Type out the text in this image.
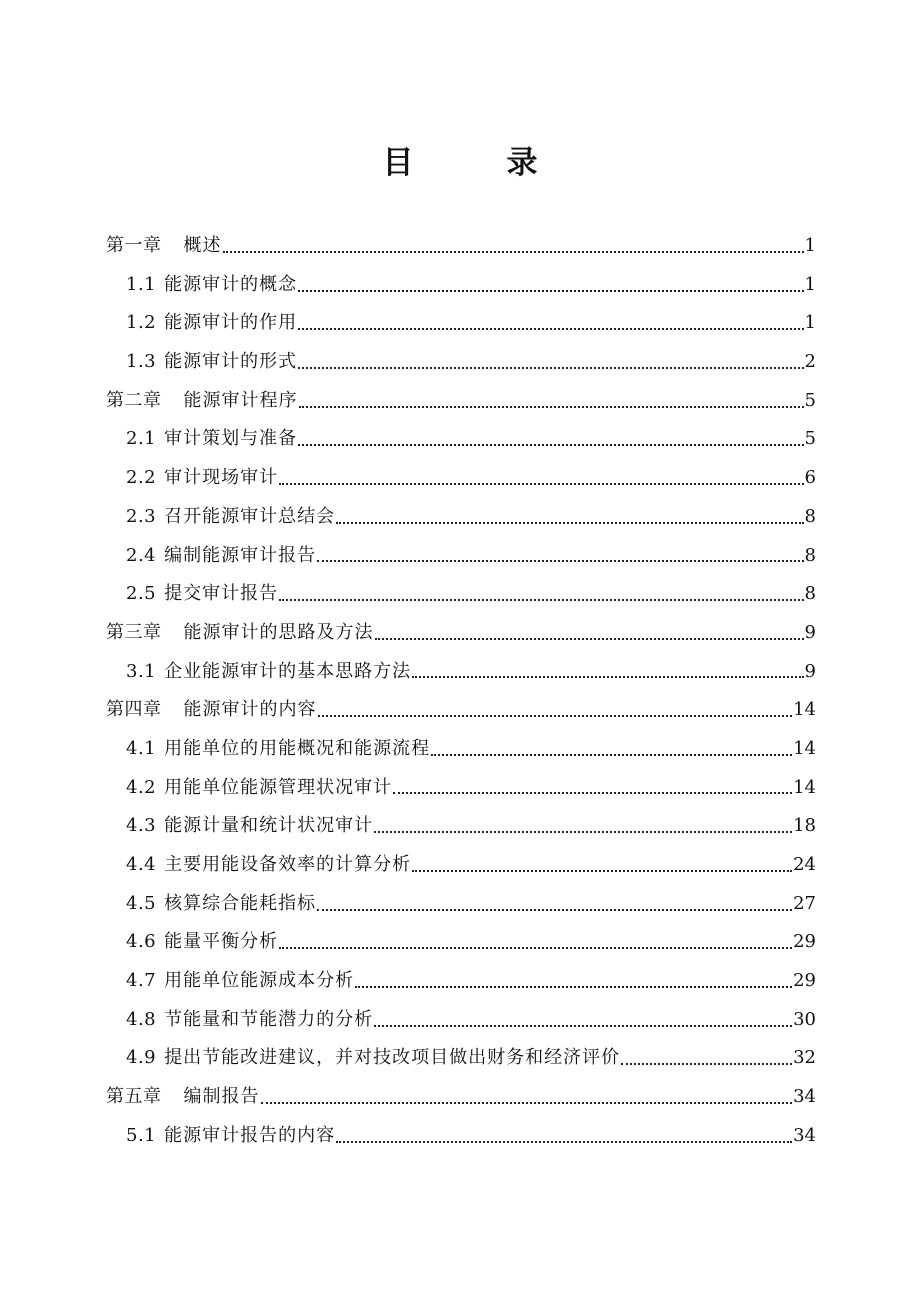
目　　　录
第一章 概述	1
1.1 能源审计的概念	1
1.2 能源审计的作用	1
1.3 能源审计的形式	2
第二章 能源审计程序	5
2.1 审计策划与准备	5
2.2 审计现场审计	6
2.3 召开能源审计总结会	8
2.4 编制能源审计报告	8
2.5 提交审计报告	8
第三章 能源审计的思路及方法	9
3.1 企业能源审计的基本思路方法	9
第四章 能源审计的内容	14
4.1 用能单位的用能概况和能源流程	14
4.2 用能单位能源管理状况审计	14
4.3 能源计量和统计状况审计	18
4.4 主要用能设备效率的计算分析	24
4.5 核算综合能耗指标	27
4.6 能量平衡分析	29
4.7 用能单位能源成本分析	29
4.8 节能量和节能潜力的分析	30
4.9 提出节能改进建议，并对技改项目做出财务和经济评价	32
第五章 编制报告	34
5.1 能源审计报告的内容	34
